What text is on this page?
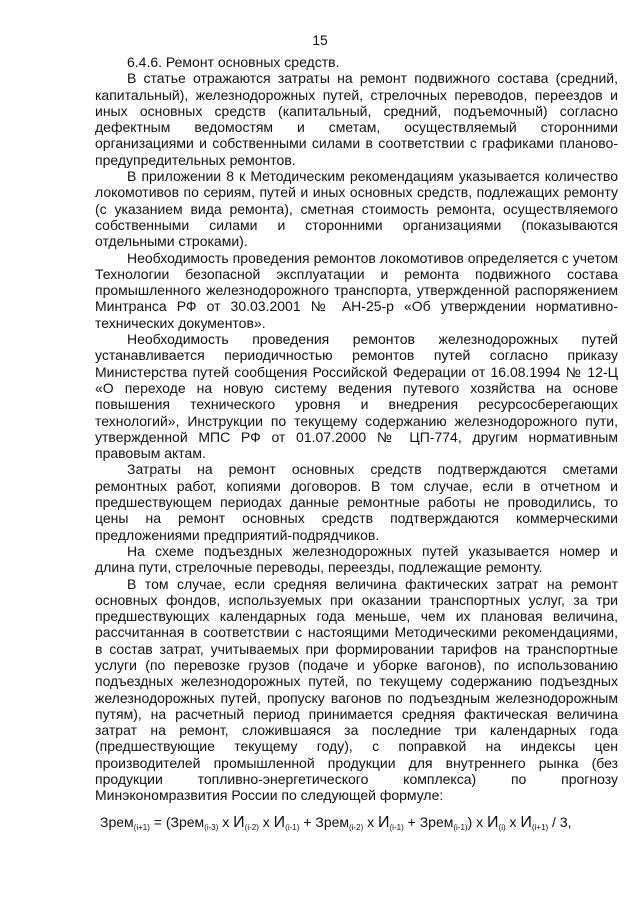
15

6.4.6. Ремонт основных средств.

В статье отражаются затраты на ремонт подвижного состава (средний, капитальный), железнодорожных путей, стрелочных переводов, переездов и иных основных средств (капитальный, средний, подъемочный) согласно дефектным ведомостям и сметам, осуществляемый сторонними организациями и собственными силами в соответствии с графиками планово-предупредительных ремонтов.

В приложении 8 к Методическим рекомендациям указывается количество локомотивов по сериям, путей и иных основных средств, подлежащих ремонту (с указанием вида ремонта), сметная стоимость ремонта, осуществляемого собственными силами и сторонними организациями (показываются отдельными строками).

Необходимость проведения ремонтов локомотивов определяется с учетом Технологии безопасной эксплуатации и ремонта подвижного состава промышленного железнодорожного транспорта, утвержденной распоряжением Минтранса РФ от 30.03.2001 № АН-25-р «Об утверждении нормативно-технических документов».

Необходимость проведения ремонтов железнодорожных путей устанавливается периодичностью ремонтов путей согласно приказу Министерства путей сообщения Российской Федерации от 16.08.1994 № 12-Ц «О переходе на новую систему ведения путевого хозяйства на основе повышения технического уровня и внедрения ресурсосберегающих технологий», Инструкции по текущему содержанию железнодорожного пути, утвержденной МПС РФ от 01.07.2000 № ЦП-774, другим нормативным правовым актам.

Затраты на ремонт основных средств подтверждаются сметами ремонтных работ, копиями договоров. В том случае, если в отчетном и предшествующем периодах данные ремонтные работы не проводились, то цены на ремонт основных средств подтверждаются коммерческими предложениями предприятий-подрядчиков.

На схеме подъездных железнодорожных путей указывается номер и длина пути, стрелочные переводы, переезды, подлежащие ремонту.

В том случае, если средняя величина фактических затрат на ремонт основных фондов, используемых при оказании транспортных услуг, за три предшествующих календарных года меньше, чем их плановая величина, рассчитанная в соответствии с настоящими Методическими рекомендациями, в состав затрат, учитываемых при формировании тарифов на транспортные услуги (по перевозке грузов (подаче и уборке вагонов), по использованию подъездных железнодорожных путей, по текущему содержанию подъездных железнодорожных путей, пропуску вагонов по подъездным железнодорожным путям), на расчетный период принимается средняя фактическая величина затрат на ремонт, сложившаяся за последние три календарных года (предшествующие текущему году), с поправкой на индексы цен производителей промышленной продукции для внутреннего рынка (без продукции топливно-энергетического комплекса) по прогнозу Минэкономразвития России по следующей формуле:

Зрем$_{(i+1)}$ = (Зрем$_{(i-3)}$ х $И_{(i-2)}$ х $И_{(i-1)}$ + Зрем$_{(i-2)}$ х $И_{(i-1)}$ + Зрем$_{(i-1)}$) х $И_{(i)}$ х $И_{(i+1)} / 3$,
